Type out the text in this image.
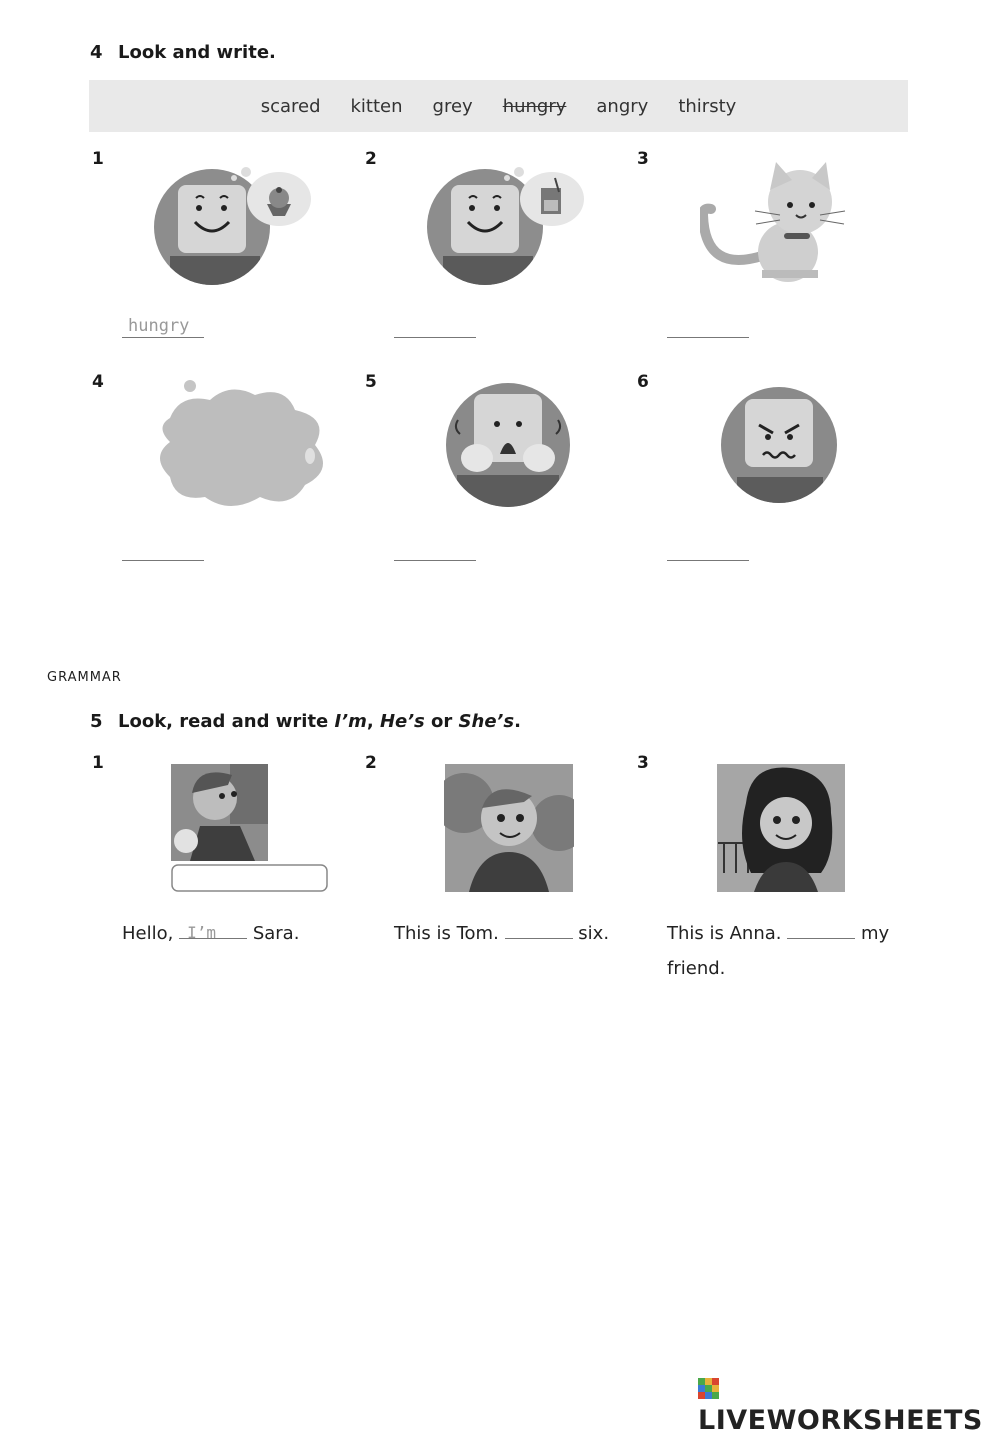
4 Look and write.
scared kitten grey hungry angry thirsty
1
hungry
2	3
4	5	6
GRAMMAR
5 Look, read and write I’m, He’s or She’s.
1
Hello, I’m Sara.
2
This is Tom.	six.
3
This is Anna.	my
friend.
LIVEWORKSHEETS
